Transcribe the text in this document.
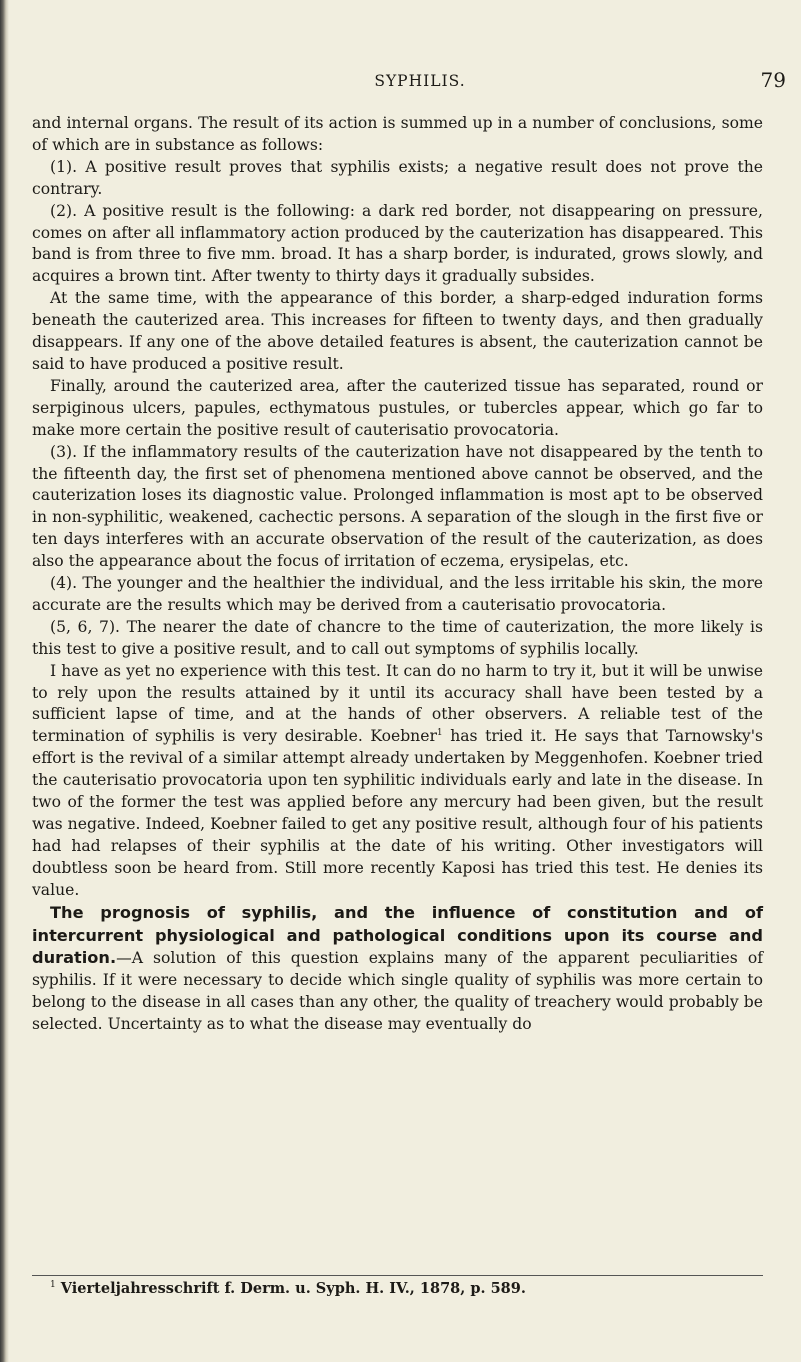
SYPHILIS.	79

and internal organs. The result of its action is summed up in a number of conclusions, some of which are in substance as follows:

(1). A positive result proves that syphilis exists; a negative result does not prove the contrary.

(2). A positive result is the following: a dark red border, not disappearing on pressure, comes on after all inflammatory action produced by the cauterization has disappeared. This band is from three to five mm. broad. It has a sharp border, is indurated, grows slowly, and acquires a brown tint. After twenty to thirty days it gradually subsides.

At the same time, with the appearance of this border, a sharp-edged induration forms beneath the cauterized area. This increases for fifteen to twenty days, and then gradually disappears. If any one of the above detailed features is absent, the cauterization cannot be said to have produced a positive result.

Finally, around the cauterized area, after the cauterized tissue has separated, round or serpiginous ulcers, papules, ecthymatous pustules, or tubercles appear, which go far to make more certain the positive result of cauterisatio provocatoria.

(3). If the inflammatory results of the cauterization have not disappeared by the tenth to the fifteenth day, the first set of phenomena mentioned above cannot be observed, and the cauterization loses its diagnostic value. Prolonged inflammation is most apt to be observed in non-syphilitic, weakened, cachectic persons. A separation of the slough in the first five or ten days interferes with an accurate observation of the result of the cauterization, as does also the appearance about the focus of irritation of eczema, erysipelas, etc.

(4). The younger and the healthier the individual, and the less irritable his skin, the more accurate are the results which may be derived from a cauterisatio provocatoria.

(5, 6, 7). The nearer the date of chancre to the time of cauterization, the more likely is this test to give a positive result, and to call out symptoms of syphilis locally.

I have as yet no experience with this test. It can do no harm to try it, but it will be unwise to rely upon the results attained by it until its accuracy shall have been tested by a sufficient lapse of time, and at the hands of other observers. A reliable test of the termination of syphilis is very desirable. Koebner$^1$ has tried it. He says that Tarnowsky's effort is the revival of a similar attempt already undertaken by Meggenhofen. Koebner tried the cauterisatio provocatoria upon ten syphilitic individuals early and late in the disease. In two of the former the test was applied before any mercury had been given, but the result was negative. Indeed, Koebner failed to get any positive result, although four of his patients had had relapses of their syphilis at the date of his writing. Other investigators will doubtless soon be heard from. Still more recently Kaposi has tried this test. He denies its value.

The prognosis of syphilis, and the influence of constitution and of intercurrent physiological and pathological conditions upon its course and duration.—A solution of this question explains many of the apparent peculiarities of syphilis. If it were necessary to decide which single quality of syphilis was more certain to belong to the disease in all cases than any other, the quality of treachery would probably be selected. Uncertainty as to what the disease may eventually do

$^1$ Vierteljahresschrift f. Derm. u. Syph. H. IV., 1878, p. 589.
